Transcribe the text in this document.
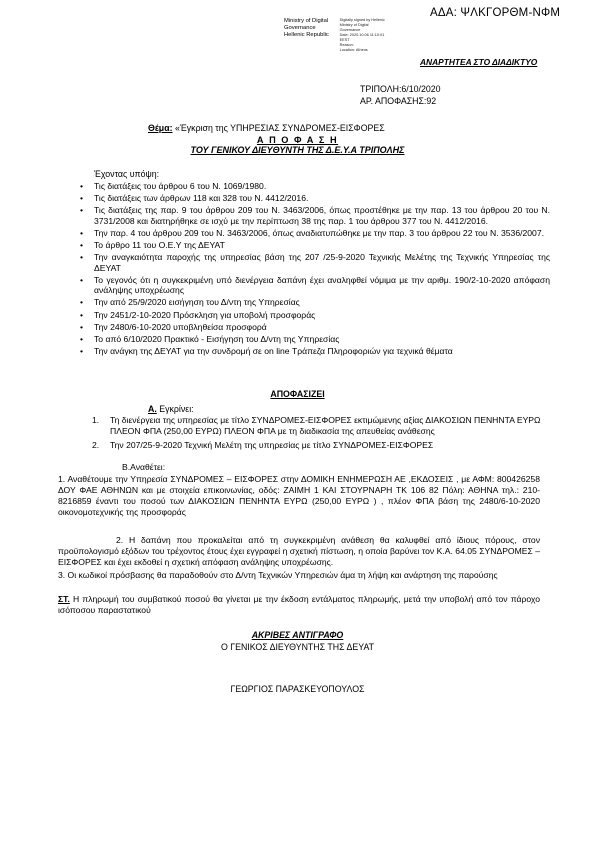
ΑΔΑ: ΨΛΚΓΟΡΘΜ-ΝΦΜ
Ministry of Digital
Governance
Hellenic Republic

Digitally signed by Hellenic
Ministry of Digital
Governance
Date: 2020.10.06 11:10:01
EEST
Reason:
Location: Athens
ΑΝΑΡΤΗΤΕΑ ΣΤΟ ΔΙΑΔΙΚΤΥΟ
ΤΡΙΠΟΛΗ:6/10/2020
ΑΡ. ΑΠΟΦΑΣΗΣ:92
Θέμα: «Έγκριση της ΥΠΗΡΕΣΙΑΣ ΣΥΝΔΡΟΜΕΣ-ΕΙΣΦΟΡΕΣ
Α Π Ο Φ Α Σ Η
ΤΟΥ ΓΕΝΙΚΟΥ ΔΙΕΥΘΥΝΤΗ ΤΗΣ Δ.Ε.Υ.Α ΤΡΙΠΟΛΗΣ
Έχοντας υπόψη:
• Τις διατάξεις του άρθρου 6 του Ν. 1069/1980.
• Τις διατάξεις των άρθρων 118 και 328 του Ν. 4412/2016.
• Τις διατάξεις της παρ. 9 του άρθρου 209 του Ν. 3463/2006, όπως προστέθηκε με την παρ. 13 του άρθρου 20 του Ν. 3731/2008 και διατηρήθηκε σε ισχύ με την περίπτωση 38 της παρ. 1 του άρθρου 377 του Ν. 4412/2016.
• Την παρ. 4 του άρθρου 209 του Ν. 3463/2006, όπως αναδιατυπώθηκε με την παρ. 3 του άρθρου 22 του Ν. 3536/2007.
• Το άρθρο 11 του Ο.Ε.Υ της ΔΕΥΑΤ
• Την αναγκαιότητα παροχής της υπηρεσίας βάση της 207 /25-9-2020 Τεχνικής Μελέτης της Τεχνικής Υπηρεσίας της ΔΕΥΑΤ
• Το γεγονός ότι η συγκεκριμένη υπό διενέργεια δαπάνη έχει αναληφθεί νόμιμα με την αριθμ. 190/2-10-2020 απόφαση ανάληψης υποχρέωσης
• Την από 25/9/2020 εισήγηση του Δ/ντη της Υπηρεσίας
• Την 2451/2-10-2020 Πρόσκληση για υποβολή προσφοράς
• Την 2480/6-10-2020 υποβληθείσα προσφορά
• Το από 6/10/2020 Πρακτικό - Εισήγηση του Δ/ντη της Υπηρεσίας
• Την ανάγκη της ΔΕΥΑΤ για την συνδρομή σε on line Τράπεζα Πληροφοριών για τεχνικά θέματα
ΑΠΟΦΑΣΙΖΕΙ
Α. Εγκρίνει:
1. Τη διενέργεια της υπηρεσίας με τίτλο ΣΥΝΔΡΟΜΕΣ-ΕΙΣΦΟΡΕΣ εκτιμώμενης αξίας ΔΙΑΚΟΣΙΩΝ ΠΕΝΗΝΤΑ ΕΥΡΩ ΠΛΕΟΝ ΦΠΑ (250,00 ΕΥΡΩ) ΠΛΕΟΝ ΦΠΑ με τη διαδικασία της απευθείας ανάθεσης
2. Την 207/25-9-2020 Τεχνική Μελέτη της υπηρεσίας με τίτλο ΣΥΝΔΡΟΜΕΣ-ΕΙΣΦΟΡΕΣ
Β.Αναθέτει:
1. Αναθέτουμε την Υπηρεσία ΣΥΝΔΡΟΜΕΣ – ΕΙΣΦΟΡΕΣ στην ΔΟΜΙΚΗ ΕΝΗΜΕΡΩΣΗ ΑΕ ,ΕΚΔΟΣΕΙΣ , με ΑΦΜ: 800426258 ΔΟΥ ΦΑΕ ΑΘΗΝΩΝ και με στοιχεία επικοινωνίας, οδός: ΖΑΙΜΗ 1 ΚΑΙ ΣΤΟΥΡΝΑΡΗ ΤΚ 106 82 Πόλη: ΑΘΗΝΑ τηλ.: 210-8216859 έναντι του ποσού των ΔΙΑΚΟΣΙΩΝ ΠΕΝΗΝΤΑ ΕΥΡΩ (250,00 ΕΥΡΩ ) , πλέον ΦΠΑ βάση της 2480/6-10-2020 οικονομοτεχνικής της προσφοράς
2. Η δαπάνη που προκαλείται από τη συγκεκριμένη ανάθεση θα καλυφθεί από ίδιους πόρους, στον προϋπολογισμό εξόδων του τρέχοντος έτους έχει εγγραφεί η σχετική πίστωση, η οποία βαρύνει τον Κ.Α. 64.05 ΣΥΝΔΡΟΜΕΣ – ΕΙΣΦΟΡΕΣ και έχει εκδοθεί η σχετική απόφαση ανάληψης υποχρέωσης.
3. Οι κωδικοί πρόσβασης θα παραδοθούν στο Δ/ντη Τεχνικών Υπηρεσιών άμα τη λήψη και ανάρτηση της παρούσης
ΣΤ. Η πληρωμή του συμβατικού ποσού θα γίνεται με την έκδοση εντάλματος πληρωμής, μετά την υποβολή από τον πάροχο ισόποσου παραστατικού
ΑΚΡΙΒΕΣ ΑΝΤΙΓΡΑΦΟ
Ο ΓΕΝΙΚΟΣ ΔΙΕΥΘΥΝΤΗΣ ΤΗΣ ΔΕΥΑΤ
ΓΕΩΡΓΙΟΣ ΠΑΡΑΣΚΕΥΟΠΟΥΛΟΣ
